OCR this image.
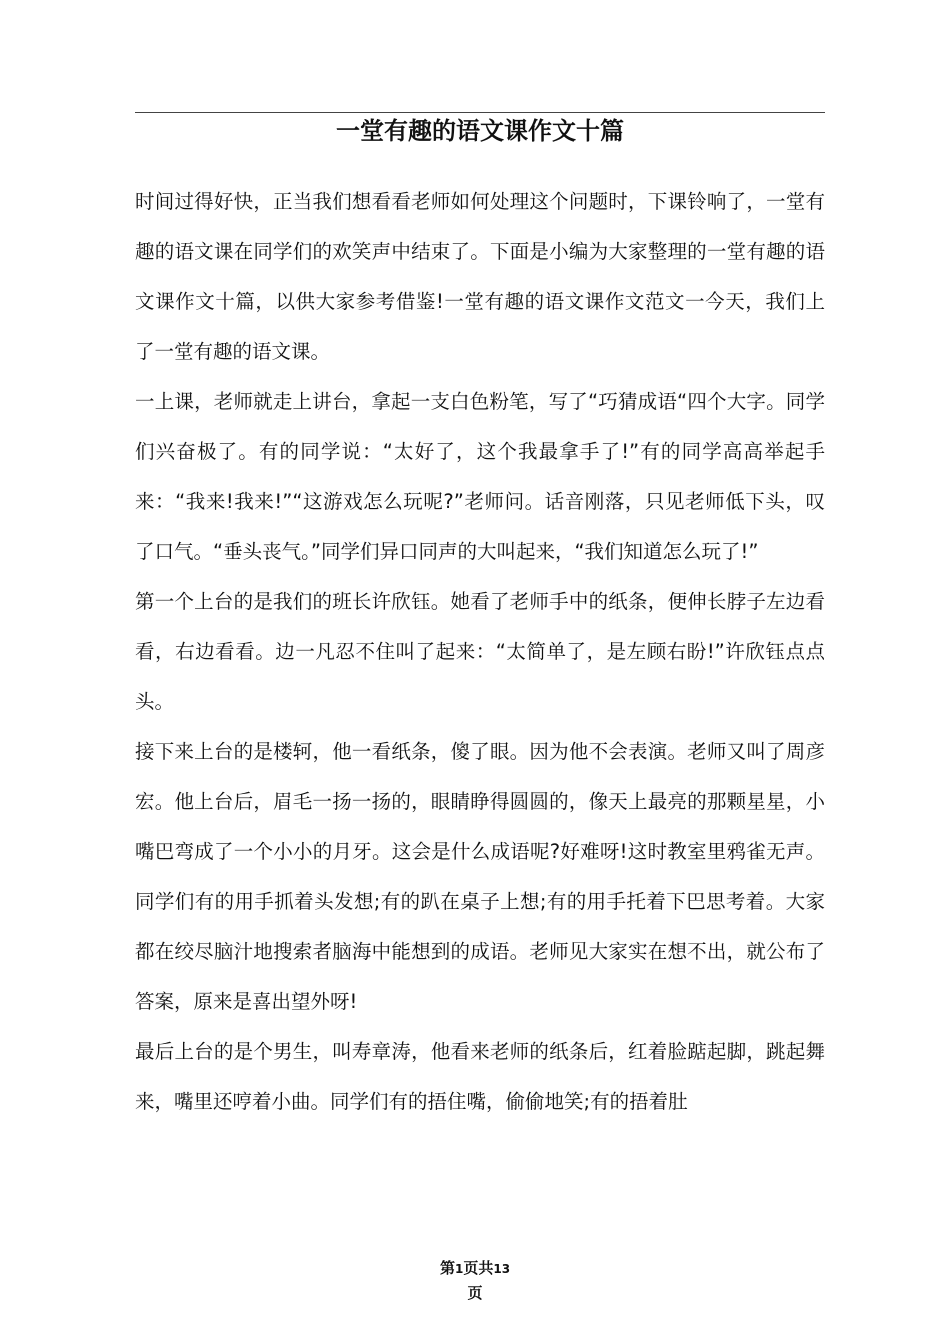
一堂有趣的语文课作文十篇

时间过得好快，正当我们想看看老师如何处理这个问题时，下课铃响了，一堂有趣的语文课在同学们的欢笑声中结束了。下面是小编为大家整理的一堂有趣的语文课作文十篇，以供大家参考借鉴!一堂有趣的语文课作文范文一今天，我们上了一堂有趣的语文课。

一上课，老师就走上讲台，拿起一支白色粉笔，写了“巧猜成语“四个大字。同学们兴奋极了。有的同学说：“太好了，这个我最拿手了!”有的同学高高举起手来：“我来!我来!”“这游戏怎么玩呢?”老师问。话音刚落，只见老师低下头，叹了口气。“垂头丧气。”同学们异口同声的大叫起来，“我们知道怎么玩了!”

第一个上台的是我们的班长许欣钰。她看了老师手中的纸条，便伸长脖子左边看看，右边看看。边一凡忍不住叫了起来：“太简单了，是左顾右盼!”许欣钰点点头。

接下来上台的是楼轲，他一看纸条，傻了眼。因为他不会表演。老师又叫了周彦宏。他上台后，眉毛一扬一扬的，眼睛睁得圆圆的，像天上最亮的那颗星星，小嘴巴弯成了一个小小的月牙。这会是什么成语呢?好难呀!这时教室里鸦雀无声。同学们有的用手抓着头发想;有的趴在桌子上想;有的用手托着下巴思考着。大家都在绞尽脑汁地搜索者脑海中能想到的成语。老师见大家实在想不出，就公布了答案，原来是喜出望外呀!

最后上台的是个男生，叫寿章涛，他看来老师的纸条后，红着脸踮起脚，跳起舞来，嘴里还哼着小曲。同学们有的捂住嘴，偷偷地笑;有的捂着肚

第1页共13
页
